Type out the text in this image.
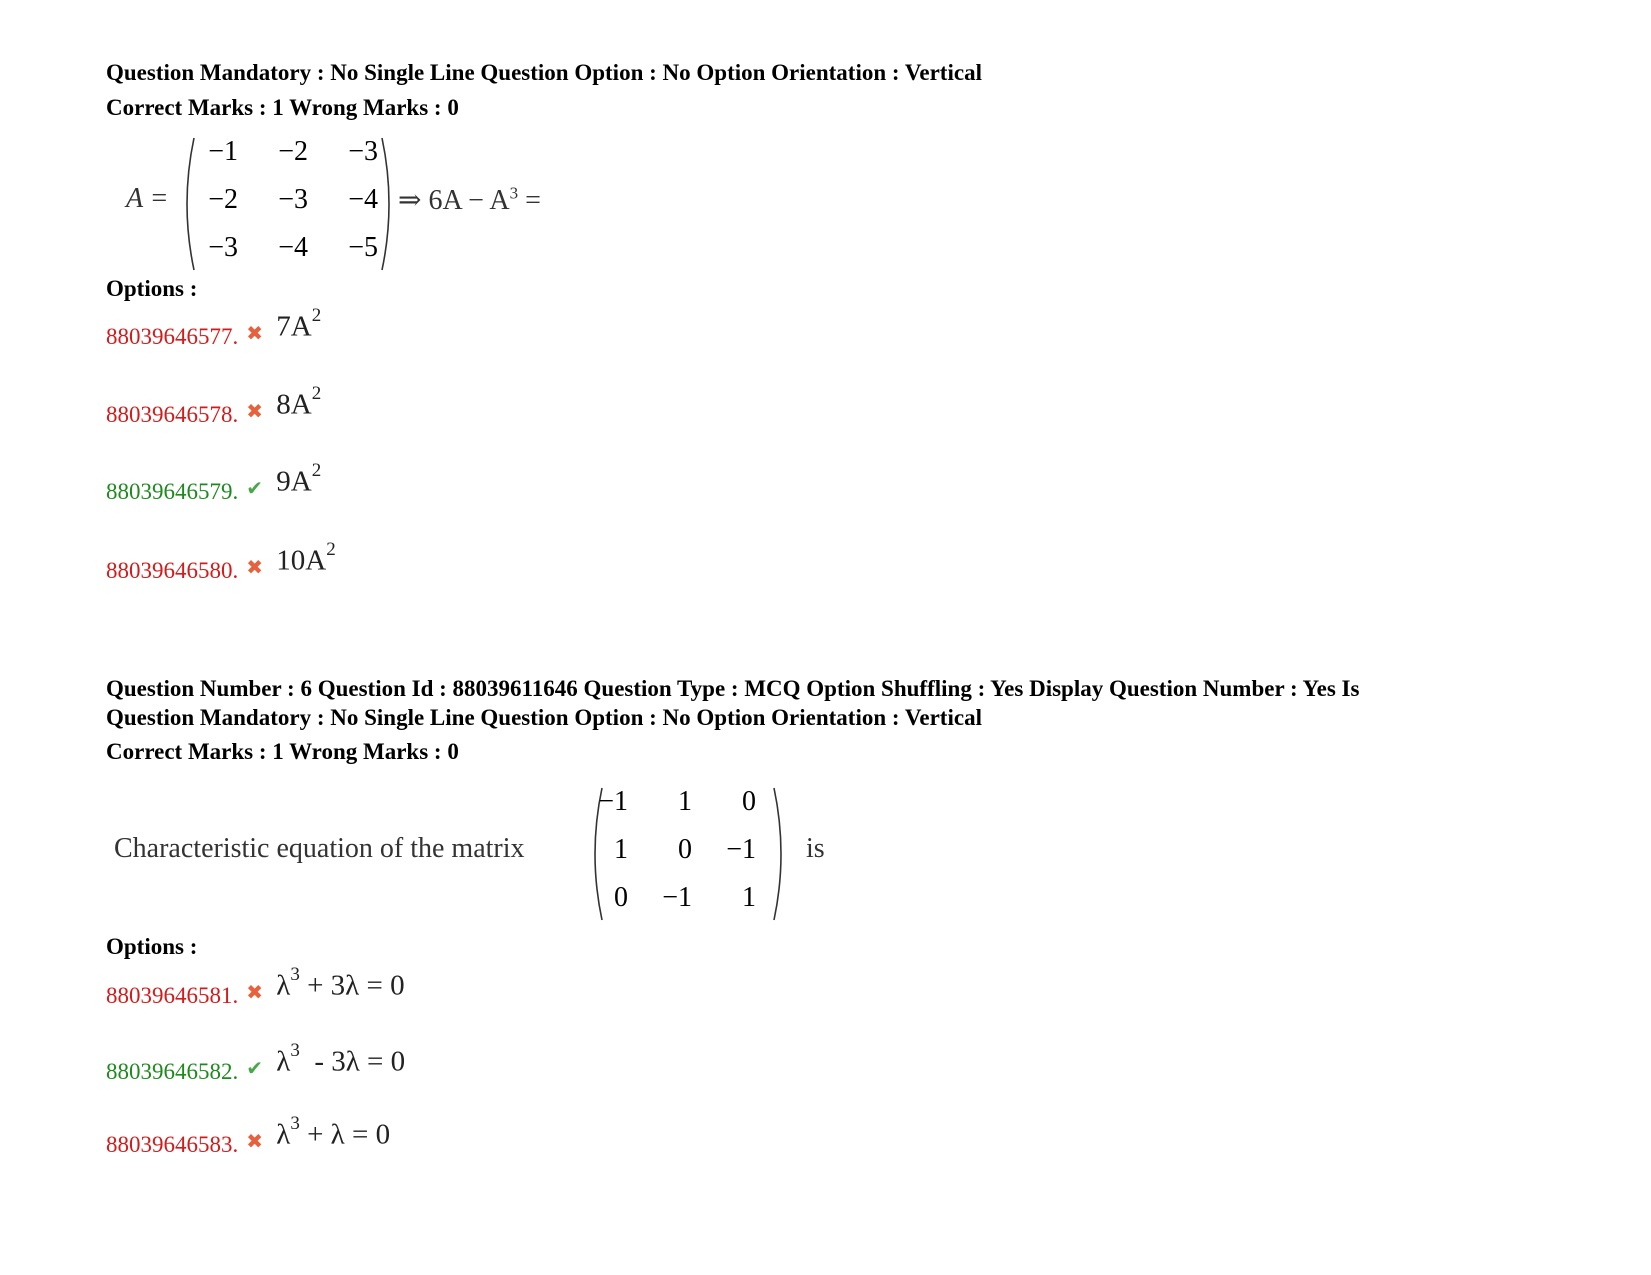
Question Mandatory : No Single Line Question Option : No Option Orientation : Vertical
Correct Marks : 1 Wrong Marks : 0
A =
−1	−2	−3
−2	−3	−4
−3	−4	−5
⇒ $6A - A^3$ =
Options :
88039646577. ✖ $7A^2$
88039646578. ✖ $8A^2$
88039646579. ✔ $9A^2$
88039646580. ✖ $10A^2$
Question Number : 6 Question Id : 88039611646 Question Type : MCQ Option Shuffling : Yes Display Question Number : Yes Is
Question Mandatory : No Single Line Question Option : No Option Orientation : Vertical
Correct Marks : 1 Wrong Marks : 0
Characteristic equation of the matrix
−1	1	0
1	0	−1
0	−1	1
is
Options :
88039646581. ✖ $\lambda^3 + 3\lambda = 0$
88039646582. ✔ $\lambda^3 - 3\lambda = 0$
88039646583. ✖ $\lambda^3 + \lambda = 0$
